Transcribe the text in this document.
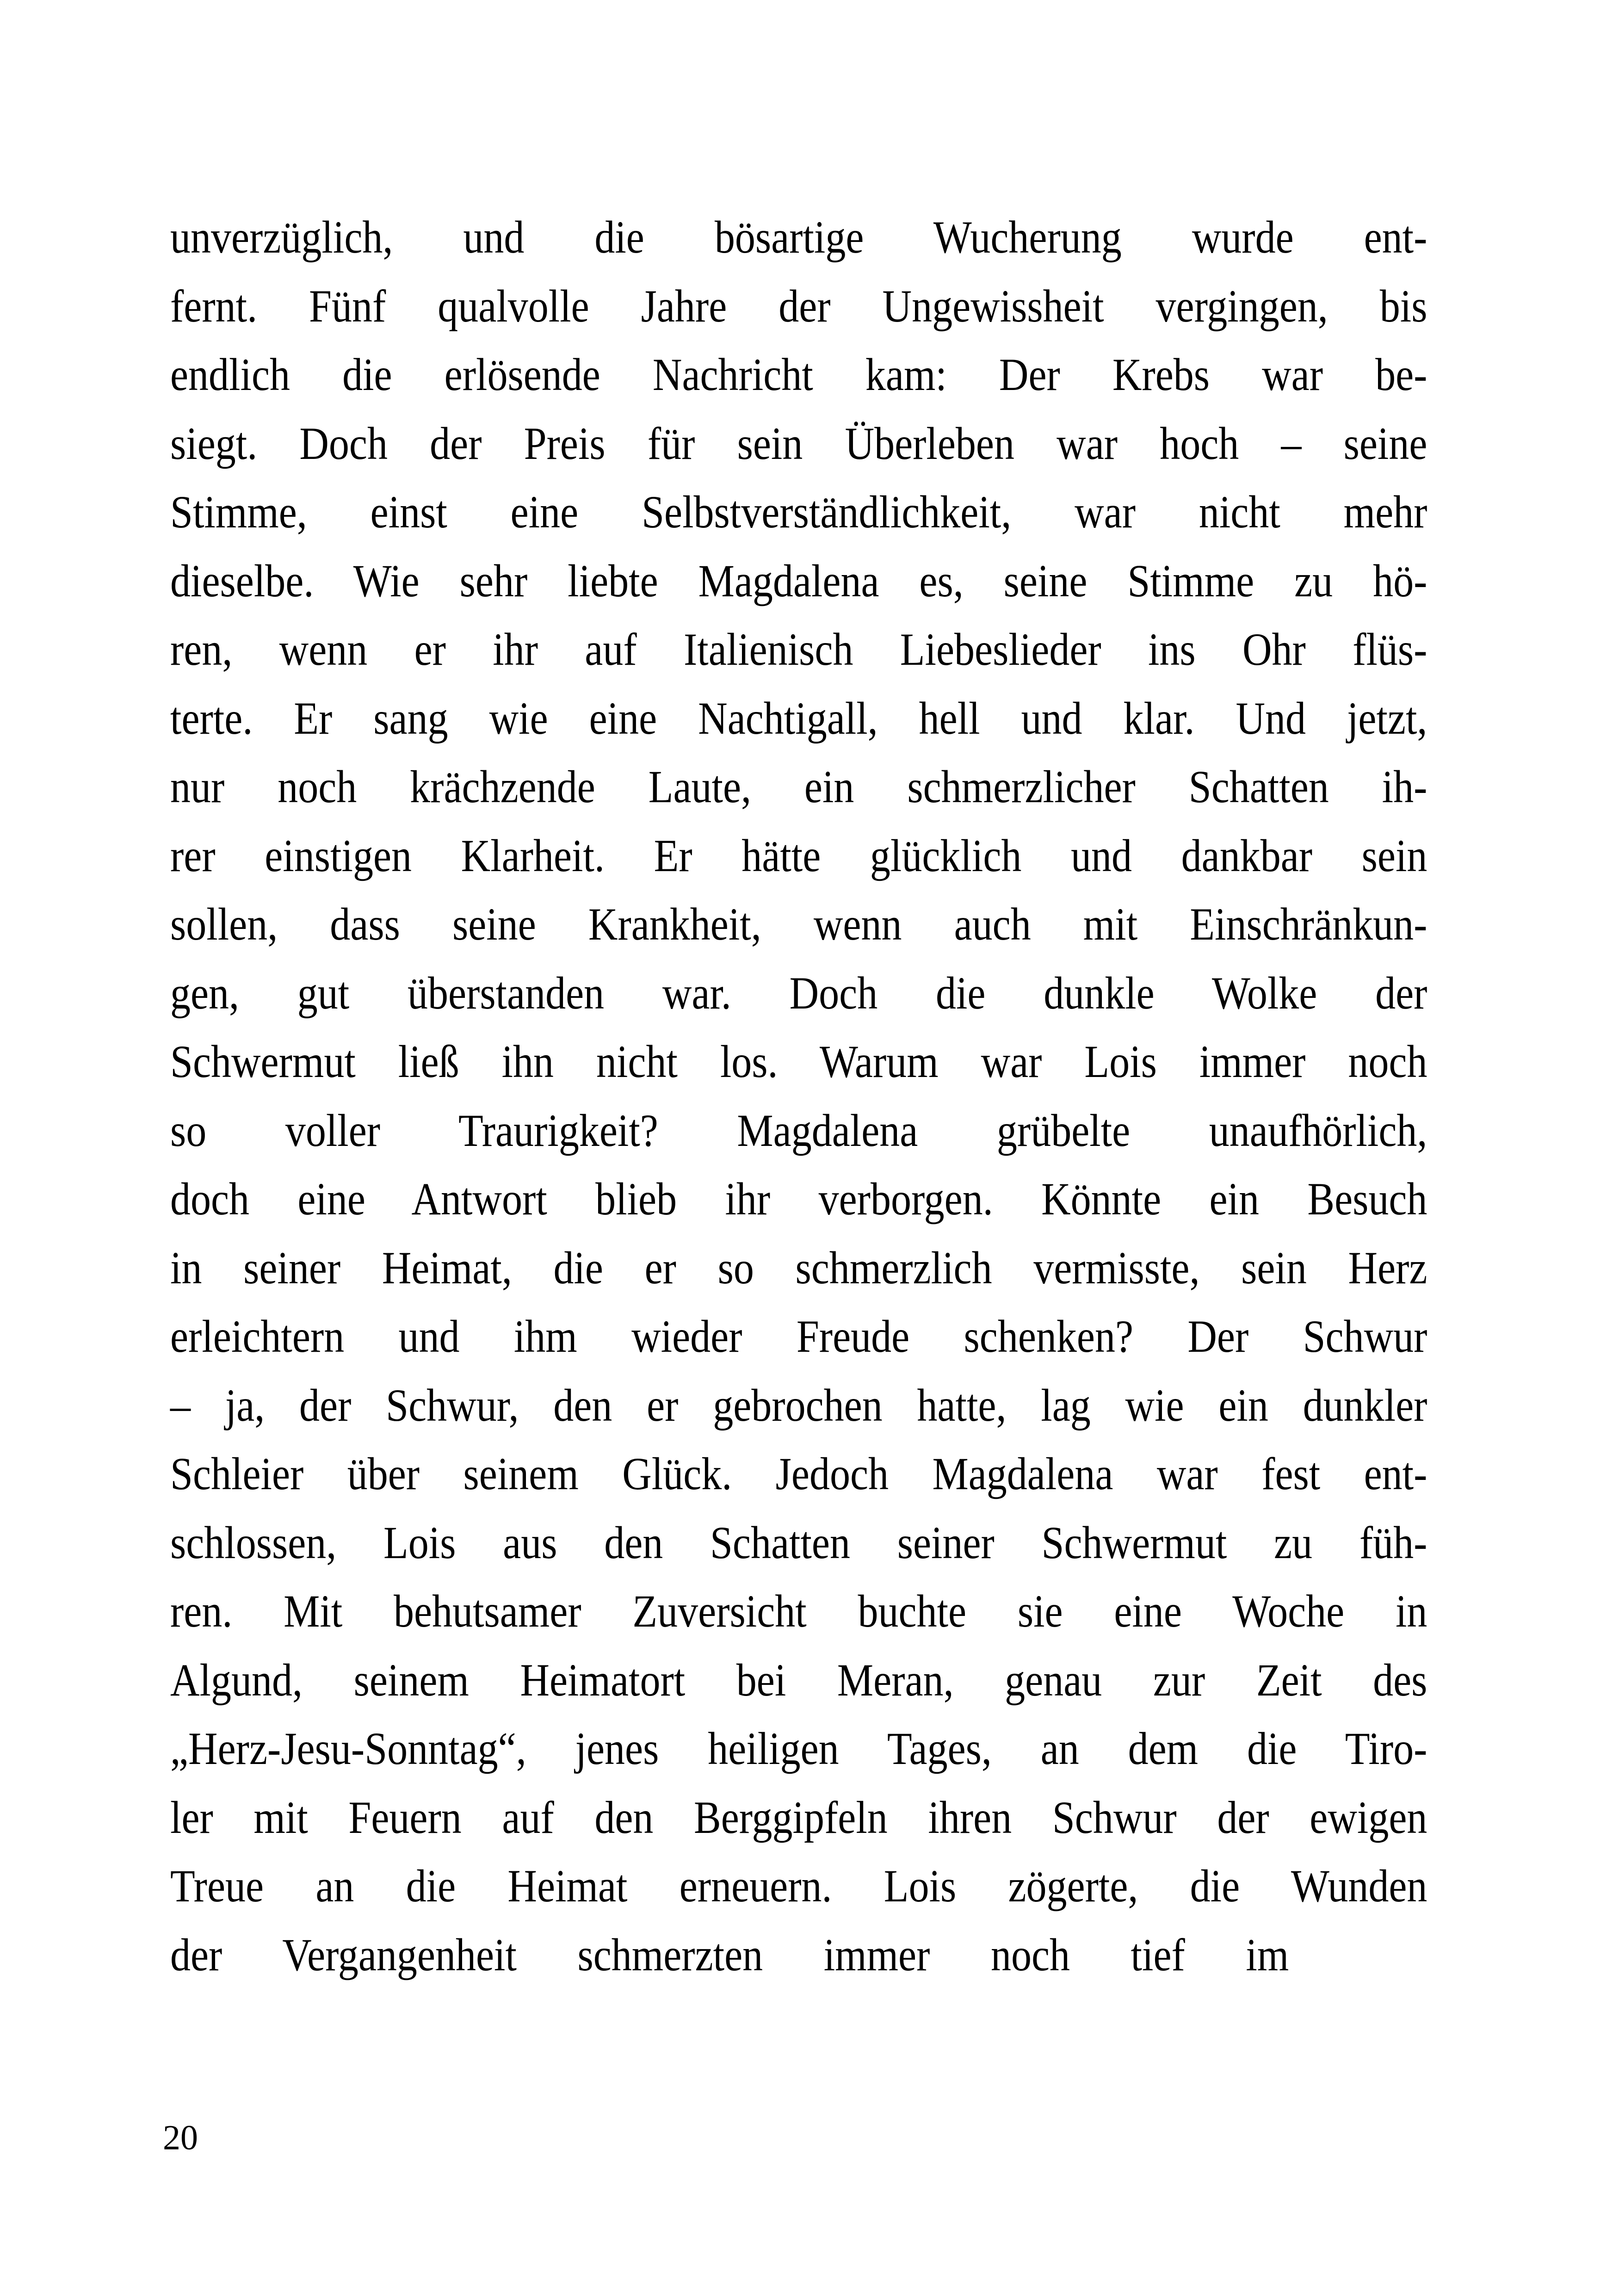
unverzüglich, und die bösartige Wucherung wurde ent-
fernt. Fünf qualvolle Jahre der Ungewissheit vergingen, bis
endlich die erlösende Nachricht kam: Der Krebs war be-
siegt. Doch der Preis für sein Überleben war hoch – seine
Stimme, einst eine Selbstverständlichkeit, war nicht mehr
dieselbe. Wie sehr liebte Magdalena es, seine Stimme zu hö-
ren, wenn er ihr auf Italienisch Liebeslieder ins Ohr flüs-
terte. Er sang wie eine Nachtigall, hell und klar. Und jetzt,
nur noch krächzende Laute, ein schmerzlicher Schatten ih-
rer einstigen Klarheit. Er hätte glücklich und dankbar sein
sollen, dass seine Krankheit, wenn auch mit Einschränkun-
gen, gut überstanden war. Doch die dunkle Wolke der
Schwermut ließ ihn nicht los. Warum war Lois immer noch
so voller Traurigkeit? Magdalena grübelte unaufhörlich,
doch eine Antwort blieb ihr verborgen. Könnte ein Besuch
in seiner Heimat, die er so schmerzlich vermisste, sein Herz
erleichtern und ihm wieder Freude schenken? Der Schwur
– ja, der Schwur, den er gebrochen hatte, lag wie ein dunkler
Schleier über seinem Glück. Jedoch Magdalena war fest ent-
schlossen, Lois aus den Schatten seiner Schwermut zu füh-
ren. Mit behutsamer Zuversicht buchte sie eine Woche in
Algund, seinem Heimatort bei Meran, genau zur Zeit des
„Herz-Jesu-Sonntag“, jenes heiligen Tages, an dem die Tiro-
ler mit Feuern auf den Berggipfeln ihren Schwur der ewigen
Treue an die Heimat erneuern. Lois zögerte, die Wunden
der Vergangenheit schmerzten immer noch tief im
20
